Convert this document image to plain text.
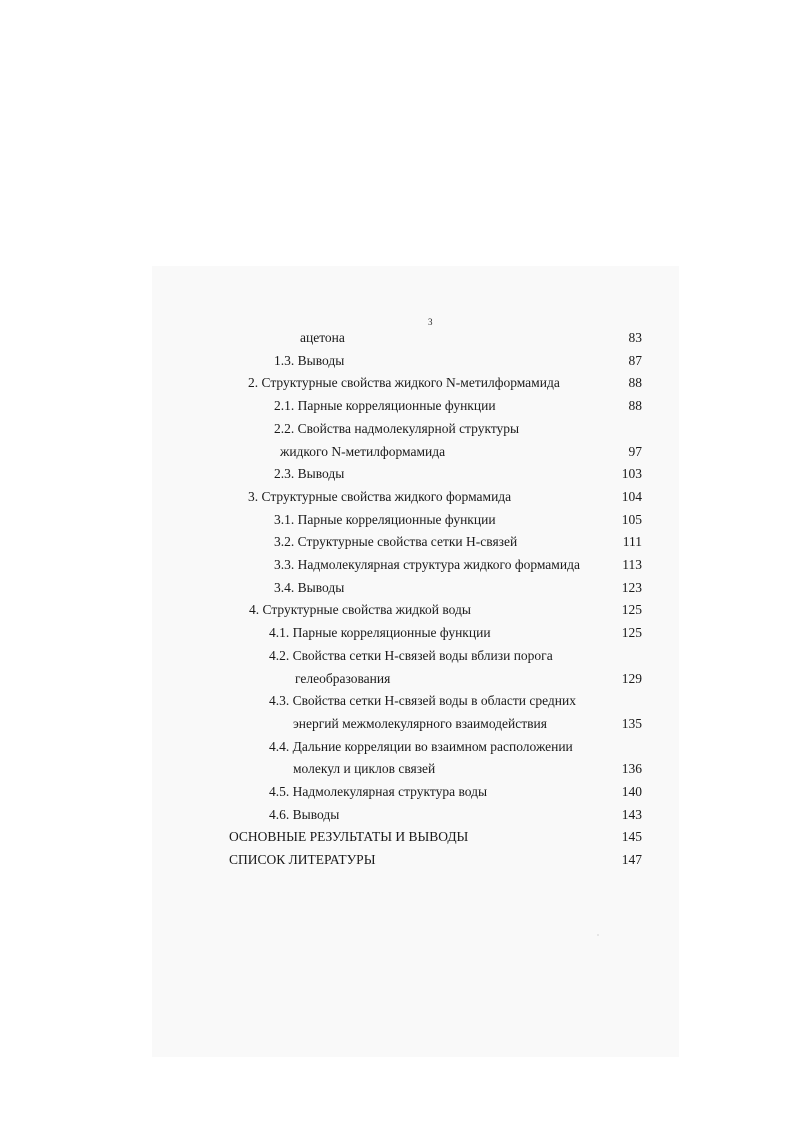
3
ацетона	83
1.3. Выводы	87
2. Структурные свойства жидкого N-метилформамида	88
2.1. Парные корреляционные функции	88
2.2. Свойства надмолекулярной структуры
жидкого N-метилформамида	97
2.3. Выводы	103
3. Структурные свойства жидкого формамида	104
3.1. Парные корреляционные функции	105
3.2. Структурные свойства сетки Н-связей	111
3.3. Надмолекулярная структура жидкого формамида	113
3.4. Выводы	123
4. Структурные свойства жидкой воды	125
4.1. Парные корреляционные функции	125
4.2. Свойства сетки Н-связей воды вблизи порога
гелеобразования	129
4.3. Свойства сетки Н-связей воды в области средних
энергий межмолекулярного взаимодействия	135
4.4. Дальние корреляции во взаимном расположении
молекул и циклов связей	136
4.5. Надмолекулярная структура воды	140
4.6. Выводы	143
ОСНОВНЫЕ РЕЗУЛЬТАТЫ И ВЫВОДЫ	145
СПИСОК ЛИТЕРАТУРЫ	147
